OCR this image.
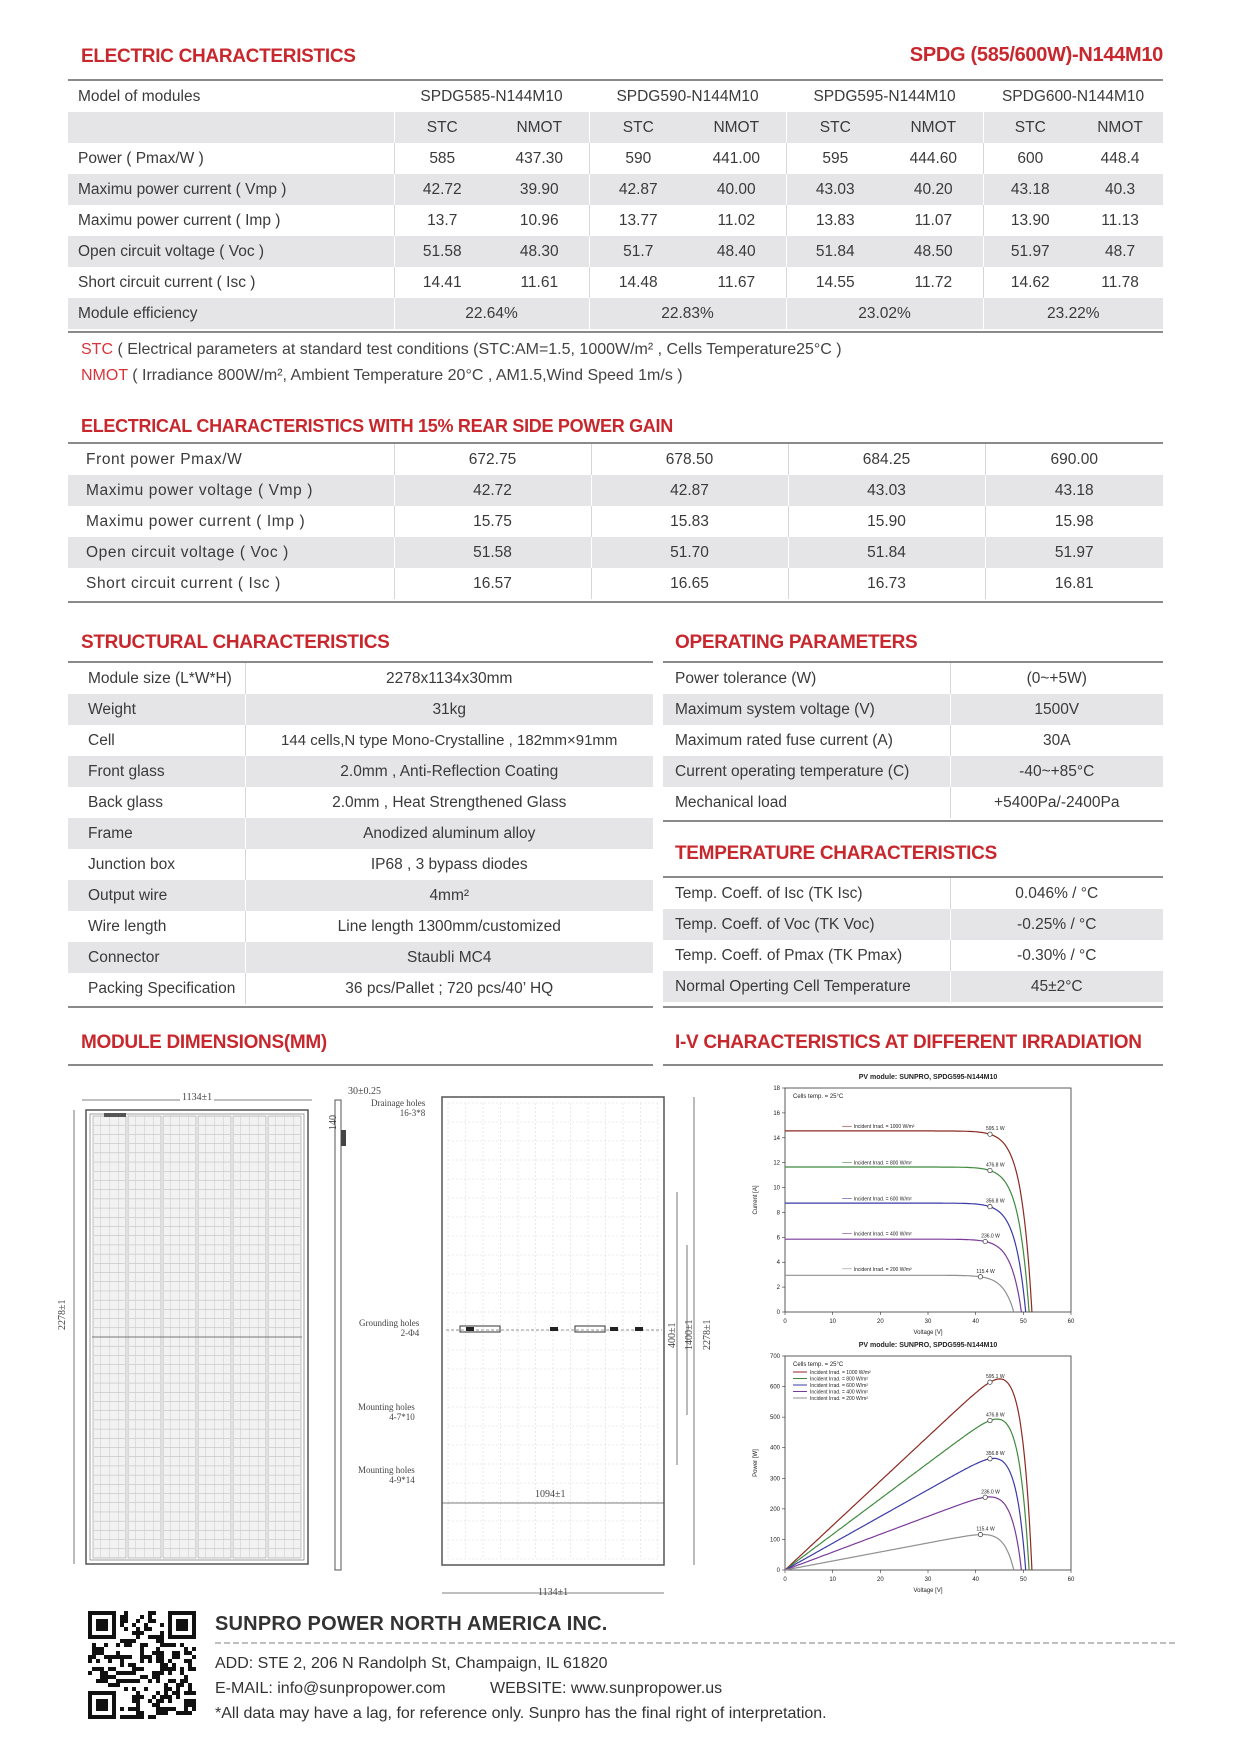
ELECTRIC CHARACTERISTICS	SPDG (585/600W)-N144M10
Model of modules	SPDG585-N144M10		SPDG590-N144M10		SPDG595-N144M10		SPDG600-N144M10	
	STC	NMOT	STC	NMOT	STC	NMOT	STC	NMOT
Power ( Pmax/W )	585	437.30	590	441.00	595	444.60	600	448.4
Maximu power current ( Vmp )	42.72	39.90	42.87	40.00	43.03	40.20	43.18	40.3
Maximu power current ( Imp )	13.7	10.96	13.77	11.02	13.83	11.07	13.90	11.13
Open circuit voltage ( Voc )	51.58	48.30	51.7	48.40	51.84	48.50	51.97	48.7
Short circuit current ( Isc )	14.41	11.61	14.48	11.67	14.55	11.72	14.62	11.78
Module efficiency	22.64%		22.83%		23.02%		23.22%	
STC ( Electrical parameters at standard test conditions (STC:AM=1.5, 1000W/m² , Cells Temperature25°C )
NMOT ( Irradiance 800W/m², Ambient Temperature 20°C , AM1.5,Wind Speed 1m/s )
ELECTRICAL CHARACTERISTICS WITH 15% REAR SIDE POWER GAIN
Front power Pmax/W	672.75	678.50	684.25	690.00
Maximu power voltage ( Vmp )	42.72	42.87	43.03	43.18
Maximu power current ( Imp )	15.75	15.83	15.90	15.98
Open circuit voltage ( Voc )	51.58	51.70	51.84	51.97
Short circuit current ( Isc )	16.57	16.65	16.73	16.81
STRUCTURAL CHARACTERISTICS
Module size (L*W*H)	2278x1134x30mm
Weight	31kg
Cell	144 cells,N type Mono-Crystalline , 182mm×91mm
Front glass	2.0mm , Anti-Reflection Coating
Back glass	2.0mm , Heat Strengthened Glass
Frame	Anodized aluminum alloy
Junction box	IP68 , 3 bypass diodes
Output wire	4mm²
Wire length	Line length 1300mm/customized
Connector	Staubli MC4
Packing Specification	36 pcs/Pallet ; 720 pcs/40’ HQ
OPERATING PARAMETERS
Power tolerance (W)	(0~+5W)
Maximum system voltage (V)	1500V
Maximum rated fuse current (A)	30A
Current operating temperature (C)	-40~+85°C
Mechanical load	+5400Pa/-2400Pa
TEMPERATURE CHARACTERISTICS
Temp. Coeff. of Isc (TK Isc)	0.046% / °C
Temp. Coeff. of Voc (TK Voc)	-0.25% / °C
Temp. Coeff. of Pmax (TK Pmax)	-0.30% / °C
Normal Operting Cell Temperature	45±2°C
MODULE DIMENSIONS(MM)
1134±1
2278±1
30±0.25
140
Drainage holes
16-3*8
Grounding holes
2-Φ4
Mounting holes
4-7*10
Mounting holes
4-9*14
1094±1
400±1 1400±1 2278±1
1134±1
I-V CHARACTERISTICS AT DIFFERENT IRRADIATION
PV module: SUNPRO, SPDG595-N144M10
0	10	20	30	40	50	60
0
2
4
6
8
10
12
14
16
18
Voltage [V]
Current [A]
Cells temp. = 25°C
595.1 W
Incident Irrad. = 1000 W/m²
476.8 W
Incident Irrad. = 800 W/m²
356.8 W
Incident Irrad. = 600 W/m²
236.0 W
Incident Irrad. = 400 W/m²
115.4 W
Incident Irrad. = 200 W/m²
PV module: SUNPRO, SPDG595-N144M10
0	10	20	30	40	50	60
0
100
200
300
400
500
600
700
Voltage [V]
Power [W]
Cells temp. = 25°C
595.1 W
476.8 W
356.8 W
236.0 W
115.4 W
Incident Irrad. = 1000 W/m²
Incident Irrad. = 800 W/m²
Incident Irrad. = 600 W/m²
Incident Irrad. = 400 W/m²
Incident Irrad. = 200 W/m²
SUNPRO POWER NORTH AMERICA INC.
ADD: STE 2, 206 N Randolph St, Champaign, IL 61820
E-MAIL: info@sunpropower.com	WEBSITE: www.sunpropower.us
*All data may have a lag, for reference only. Sunpro has the final right of interpretation.
